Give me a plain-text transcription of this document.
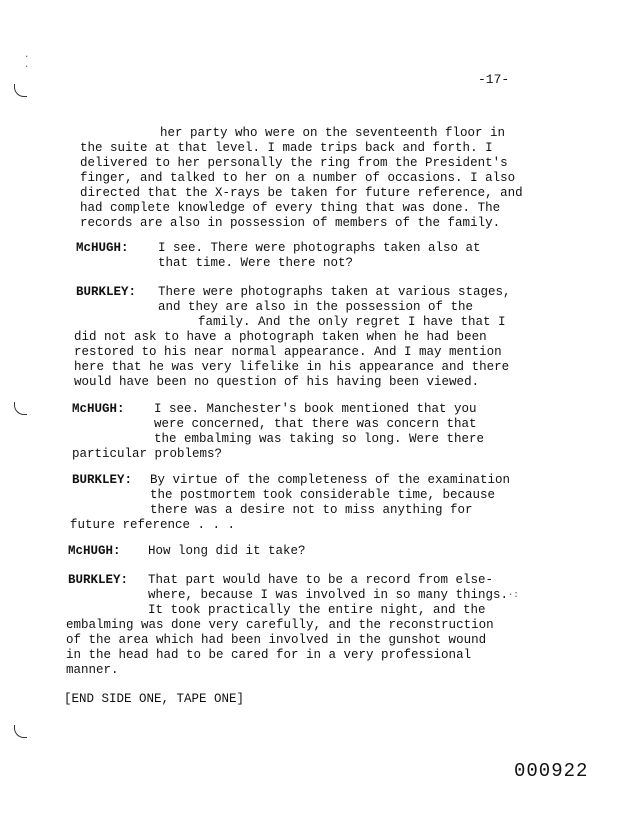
·
·
·:
-17-
her party who were on the seventeenth floor in
the suite at that level. I made trips back and forth. I
delivered to her personally the ring from the President's
finger, and talked to her on a number of occasions. I also
directed that the X-rays be taken for future reference, and
had complete knowledge of every thing that was done. The
records are also in possession of members of the family.
McHUGH: I see. There were photographs taken also at
that time. Were there not?
BURKLEY: There were photographs taken at various stages,
and they are also in the possession of the
family. And the only regret I have that I
did not ask to have a photograph taken when he had been
restored to his near normal appearance. And I may mention
here that he was very lifelike in his appearance and there
would have been no question of his having been viewed.
McHUGH: I see. Manchester's book mentioned that you
were concerned, that there was concern that
the embalming was taking so long. Were there
particular problems?
BURKLEY: By virtue of the completeness of the examination
the postmortem took considerable time, because
there was a desire not to miss anything for
future reference . . .
McHUGH: How long did it take?
BURKLEY: That part would have to be a record from else-
where, because I was involved in so many things.
It took practically the entire night, and the
embalming was done very carefully, and the reconstruction
of the area which had been involved in the gunshot wound
in the head had to be cared for in a very professional
manner.
[END SIDE ONE, TAPE ONE]
000922
